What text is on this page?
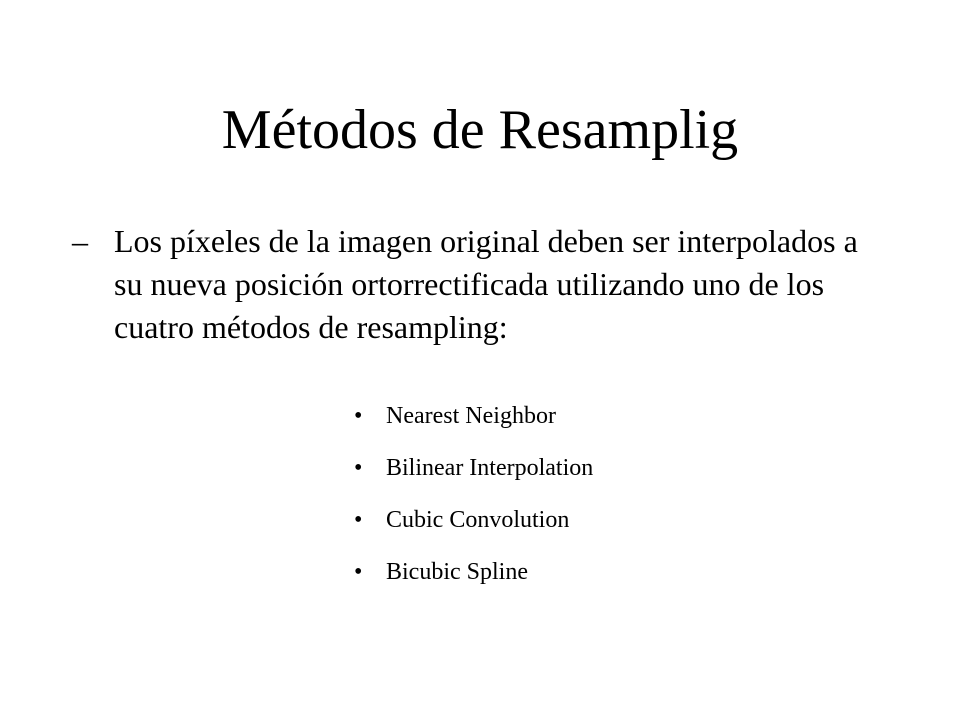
Métodos de Resamplig
– Los píxeles de la imagen original deben ser interpolados a su nueva posición ortorrectificada utilizando uno de los cuatro métodos de resampling:
• Nearest Neighbor
• Bilinear Interpolation
• Cubic Convolution
• Bicubic Spline
